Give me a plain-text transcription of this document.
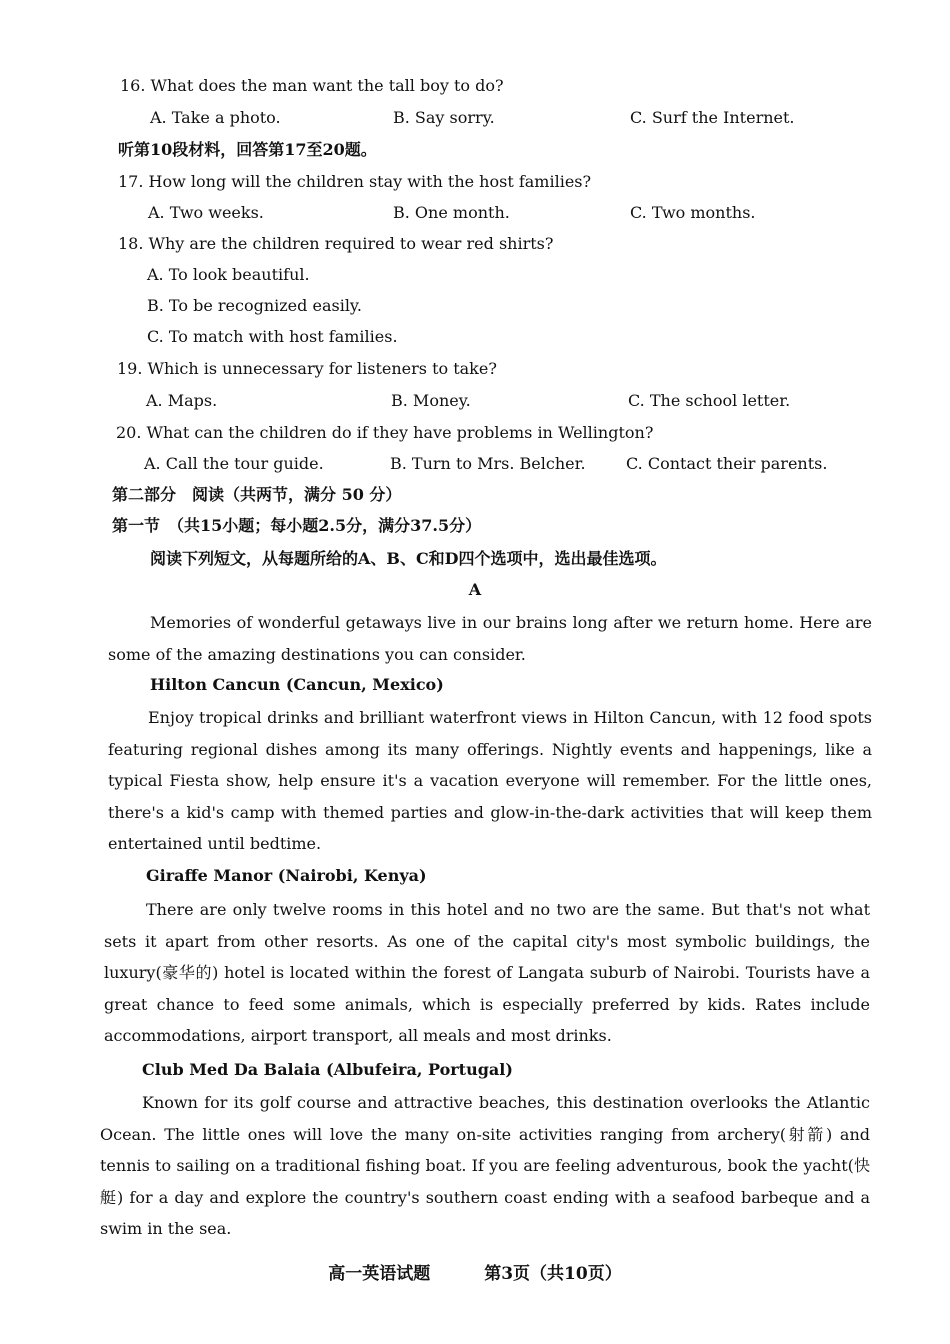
16. What does the man want the tall boy to do?
A. Take a photo.	B. Say sorry.	C. Surf the Internet.
听第10段材料，回答第17至20题。
17. How long will the children stay with the host families?
A. Two weeks.	B. One month.	C. Two months.
18. Why are the children required to wear red shirts?
A. To look beautiful.
B. To be recognized easily.
C. To match with host families.
19. Which is unnecessary for listeners to take?
A. Maps.	B. Money.	C. The school letter.
20. What can the children do if they have problems in Wellington?
A. Call the tour guide.	B. Turn to Mrs. Belcher.	C. Contact their parents.
第二部分　阅读（共两节，满分 50 分）
第一节　（共15小题；每小题2.5分，满分37.5分）
阅读下列短文，从每题所给的A、B、C和D四个选项中，选出最佳选项。
A
Memories of wonderful getaways live in our brains long after we return home. Here are some of the amazing destinations you can consider.
Hilton Cancun (Cancun, Mexico)
Enjoy tropical drinks and brilliant waterfront views in Hilton Cancun, with 12 food spots featuring regional dishes among its many offerings. Nightly events and happenings, like a typical Fiesta show, help ensure it's a vacation everyone will remember. For the little ones, there's a kid's camp with themed parties and glow-in-the-dark activities that will keep them entertained until bedtime.
Giraffe Manor (Nairobi, Kenya)
There are only twelve rooms in this hotel and no two are the same. But that's not what sets it apart from other resorts. As one of the capital city's most symbolic buildings, the luxury(豪华的) hotel is located within the forest of Langata suburb of Nairobi. Tourists have a great chance to feed some animals, which is especially preferred by kids. Rates include accommodations, airport transport, all meals and most drinks.
Club Med Da Balaia (Albufeira, Portugal)
Known for its golf course and attractive beaches, this destination overlooks the Atlantic Ocean. The little ones will love the many on-site activities ranging from archery(射箭) and tennis to sailing on a traditional fishing boat. If you are feeling adventurous, book the yacht(快艇) for a day and explore the country's southern coast ending with a seafood barbeque and a swim in the sea.
高一英语试题	第3页（共10页）
